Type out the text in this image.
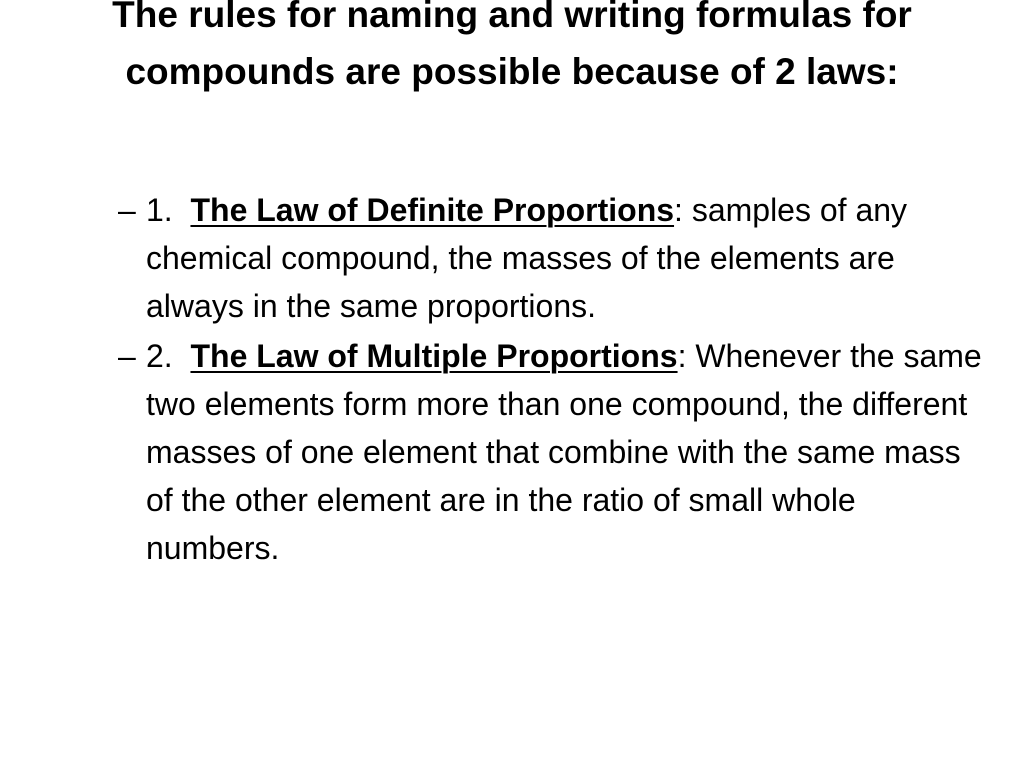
The rules for naming and writing formulas for compounds are possible because of 2 laws:
– 1. The Law of Definite Proportions: samples of any chemical compound, the masses of the elements are always in the same proportions.
– 2. The Law of Multiple Proportions: Whenever the same two elements form more than one compound, the different masses of one element that combine with the same mass of the other element are in the ratio of small whole numbers.
